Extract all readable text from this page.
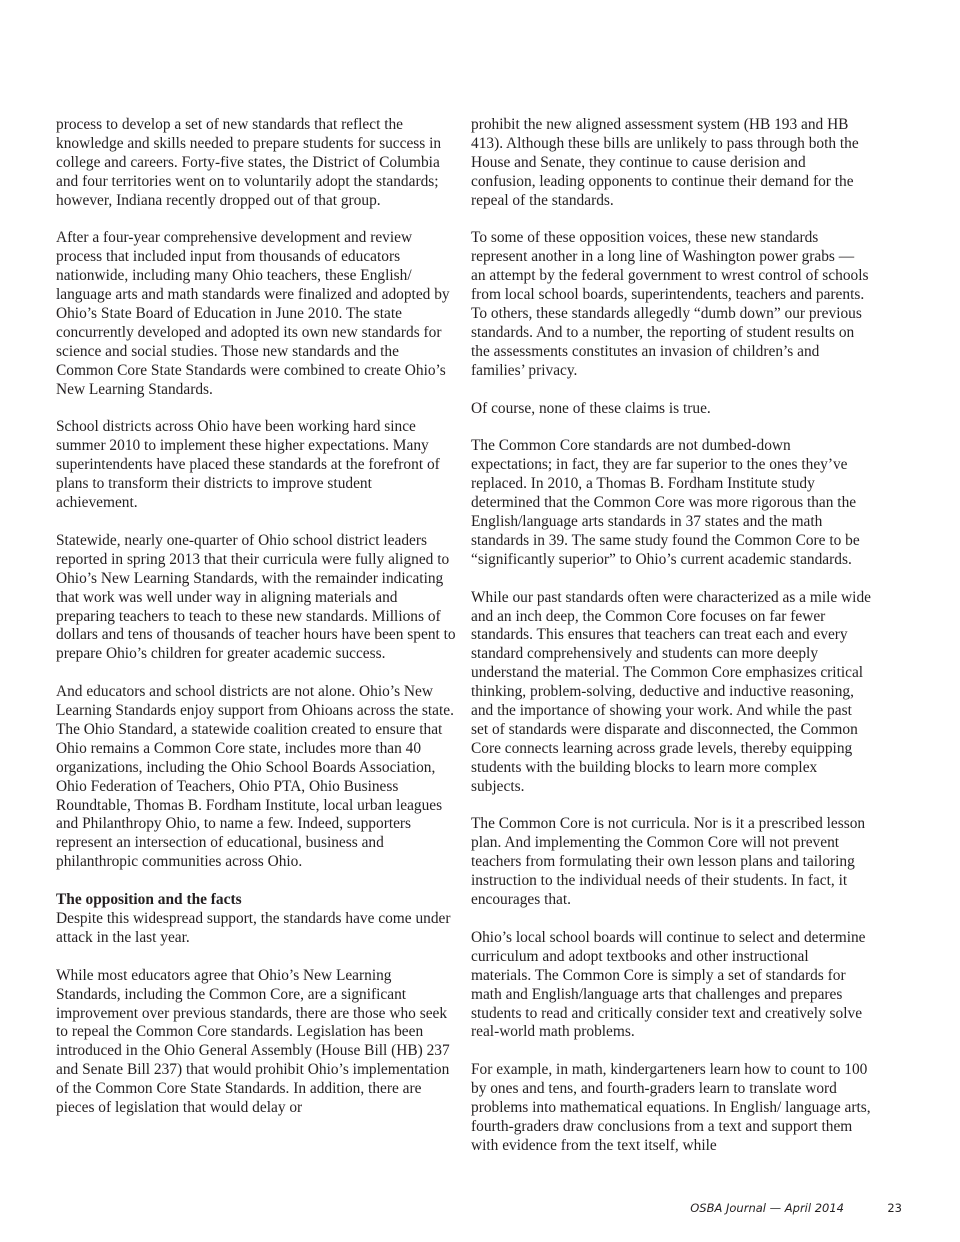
process to develop a set of new standards that reflect the knowledge and skills needed to prepare students for success in college and careers. Forty-five states, the District of Columbia and four territories went on to voluntarily adopt the standards; however, Indiana recently dropped out of that group.

After a four-year comprehensive development and review process that included input from thousands of educators nationwide, including many Ohio teachers, these English/ language arts and math standards were finalized and adopted by Ohio’s State Board of Education in June 2010. The state concurrently developed and adopted its own new standards for science and social studies. Those new standards and the Common Core State Standards were combined to create Ohio’s New Learning Standards.

School districts across Ohio have been working hard since summer 2010 to implement these higher expectations. Many superintendents have placed these standards at the forefront of plans to transform their districts to improve student achievement.

Statewide, nearly one-quarter of Ohio school district leaders reported in spring 2013 that their curricula were fully aligned to Ohio’s New Learning Standards, with the remainder indicating that work was well under way in aligning materials and preparing teachers to teach to these new standards. Millions of dollars and tens of thousands of teacher hours have been spent to prepare Ohio’s children for greater academic success.

And educators and school districts are not alone. Ohio’s New Learning Standards enjoy support from Ohioans across the state. The Ohio Standard, a statewide coalition created to ensure that Ohio remains a Common Core state, includes more than 40 organizations, including the Ohio School Boards Association, Ohio Federation of Teachers, Ohio PTA, Ohio Business Roundtable, Thomas B. Fordham Institute, local urban leagues and Philanthropy Ohio, to name a few. Indeed, supporters represent an intersection of educational, business and philanthropic communities across Ohio.

The opposition and the facts

Despite this widespread support, the standards have come under attack in the last year.

While most educators agree that Ohio’s New Learning Standards, including the Common Core, are a significant improvement over previous standards, there are those who seek to repeal the Common Core standards. Legislation has been introduced in the Ohio General Assembly (House Bill (HB) 237 and Senate Bill 237) that would prohibit Ohio’s implementation of the Common Core State Standards. In addition, there are pieces of legislation that would delay or

prohibit the new aligned assessment system (HB 193 and HB 413). Although these bills are unlikely to pass through both the House and Senate, they continue to cause derision and confusion, leading opponents to continue their demand for the repeal of the standards.

To some of these opposition voices, these new standards represent another in a long line of Washington power grabs — an attempt by the federal government to wrest control of schools from local school boards, superintendents, teachers and parents. To others, these standards allegedly “dumb down” our previous standards. And to a number, the reporting of student results on the assessments constitutes an invasion of children’s and families’ privacy.

Of course, none of these claims is true.

The Common Core standards are not dumbed-down expectations; in fact, they are far superior to the ones they’ve replaced. In 2010, a Thomas B. Fordham Institute study determined that the Common Core was more rigorous than the English/language arts standards in 37 states and the math standards in 39. The same study found the Common Core to be “significantly superior” to Ohio’s current academic standards.

While our past standards often were characterized as a mile wide and an inch deep, the Common Core focuses on far fewer standards. This ensures that teachers can treat each and every standard comprehensively and students can more deeply understand the material. The Common Core emphasizes critical thinking, problem-solving, deductive and inductive reasoning, and the importance of showing your work. And while the past set of standards were disparate and disconnected, the Common Core connects learning across grade levels, thereby equipping students with the building blocks to learn more complex subjects.

The Common Core is not curricula. Nor is it a prescribed lesson plan. And implementing the Common Core will not prevent teachers from formulating their own lesson plans and tailoring instruction to the individual needs of their students. In fact, it encourages that.

Ohio’s local school boards will continue to select and determine curriculum and adopt textbooks and other instructional materials. The Common Core is simply a set of standards for math and English/language arts that challenges and prepares students to read and critically consider text and creatively solve real-world math problems.

For example, in math, kindergarteners learn how to count to 100 by ones and tens, and fourth-graders learn to translate word problems into mathematical equations. In English/ language arts, fourth-graders draw conclusions from a text and support them with evidence from the text itself, while

OSBA Journal — April 2014	23
